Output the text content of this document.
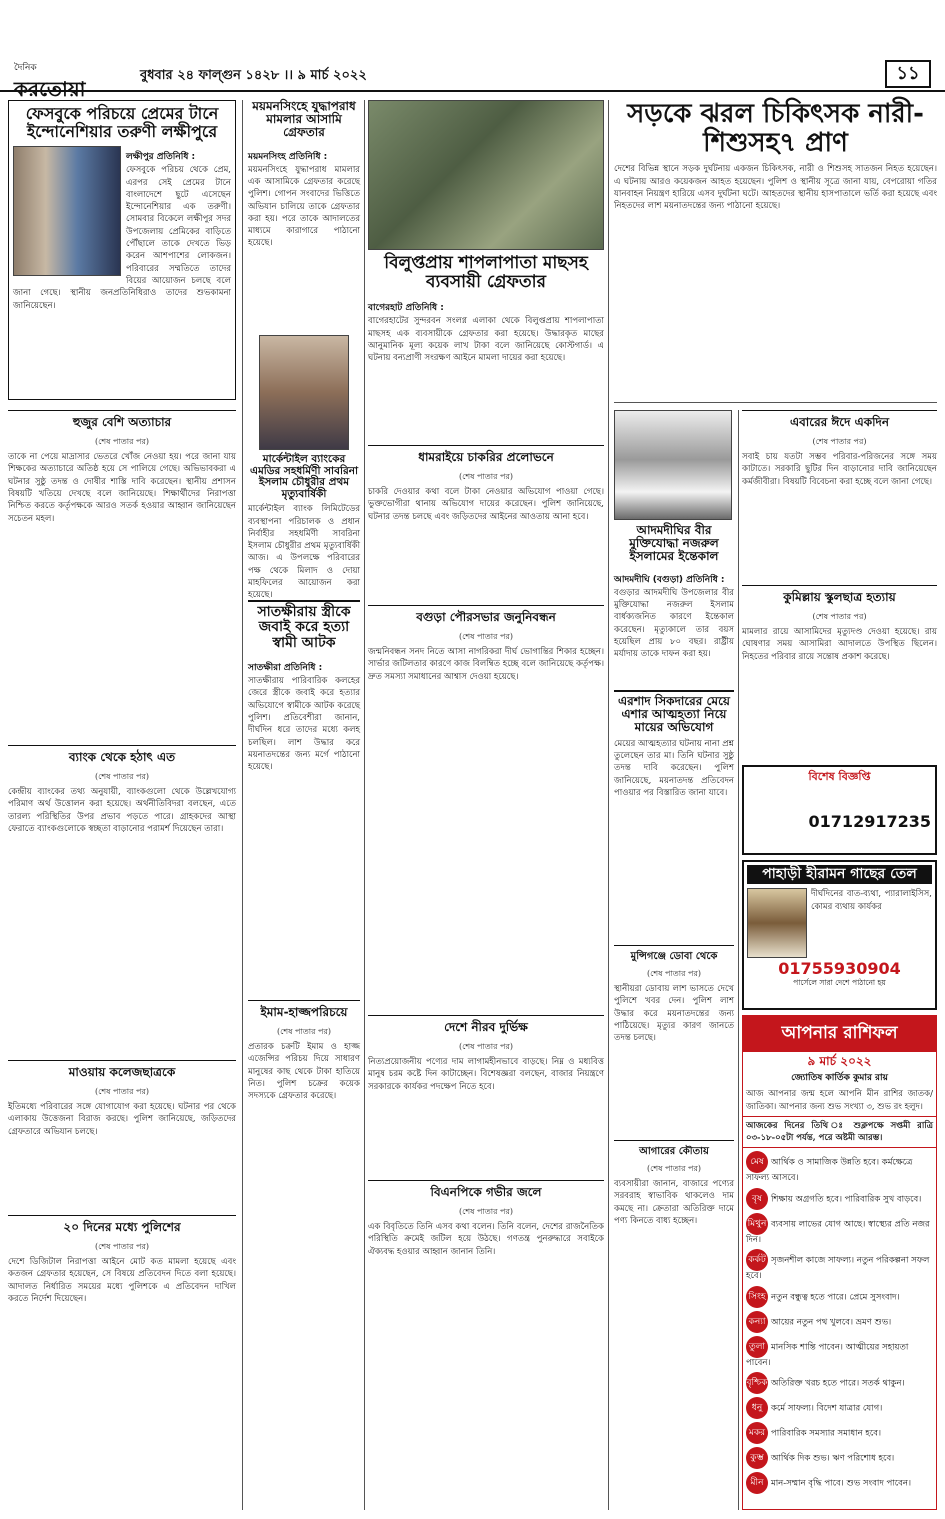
দৈনিক
করতোয়া
বুধবার ২৪ ফাল্গুন ১৪২৮ ।। ৯ মার্চ ২০২২	১১
ফেসবুকে পরিচয়ে প্রেমের টানে ইন্দোনেশিয়ার তরুণী লক্ষীপুরে
লক্ষীপুর প্রতিনিধি :
ফেসবুকে পরিচয় থেকে প্রেম, এরপর সেই প্রেমের টানে বাংলাদেশে ছুটে এসেছেন ইন্দোনেশিয়ার এক তরুণী। সোমবার বিকেলে লক্ষীপুর সদর উপজেলায় প্রেমিকের বাড়িতে পৌঁছালে তাকে দেখতে ভিড় করেন আশপাশের লোকজন। পরিবারের সম্মতিতে তাদের বিয়ের আয়োজন চলছে বলে জানা গেছে। স্থানীয় জনপ্রতিনিধিরাও তাদের শুভকামনা জানিয়েছেন।
হুজুর বেশি অত্যাচার
(শেষ পাতার পর)
তাকে না পেয়ে মাদ্রাসার ভেতরে খোঁজ নেওয়া হয়। পরে জানা যায় শিক্ষকের অত্যাচারে অতিষ্ঠ হয়ে সে পালিয়ে গেছে। অভিভাবকরা এ ঘটনার সুষ্ঠু তদন্ত ও দোষীর শাস্তি দাবি করেছেন। স্থানীয় প্রশাসন বিষয়টি খতিয়ে দেখছে বলে জানিয়েছে। শিক্ষার্থীদের নিরাপত্তা নিশ্চিত করতে কর্তৃপক্ষকে আরও সতর্ক হওয়ার আহ্বান জানিয়েছেন সচেতন মহল।
ব্যাংক থেকে হঠাৎ এত
(শেষ পাতার পর)
কেন্দ্রীয় ব্যাংকের তথ্য অনুযায়ী, ব্যাংকগুলো থেকে উল্লেখযোগ্য পরিমাণ অর্থ উত্তোলন করা হয়েছে। অর্থনীতিবিদরা বলছেন, এতে তারল্য পরিস্থিতির উপর প্রভাব পড়তে পারে। গ্রাহকদের আস্থা ফেরাতে ব্যাংকগুলোকে স্বচ্ছতা বাড়ানোর পরামর্শ দিয়েছেন তারা।
মাওয়ায় কলেজছাত্রকে
(শেষ পাতার পর)
ইতিমধ্যে পরিবারের সঙ্গে যোগাযোগ করা হয়েছে। ঘটনার পর থেকে এলাকায় উত্তেজনা বিরাজ করছে। পুলিশ জানিয়েছে, জড়িতদের গ্রেফতারে অভিযান চলছে।
২০ দিনের মধ্যে পুলিশের
(শেষ পাতার পর)
দেশে ডিজিটাল নিরাপত্তা আইনে মোট কত মামলা হয়েছে এবং কতজন গ্রেফতার হয়েছেন, সে বিষয়ে প্রতিবেদন দিতে বলা হয়েছে। আদালত নির্ধারিত সময়ের মধ্যে পুলিশকে এ প্রতিবেদন দাখিল করতে নির্দেশ দিয়েছেন।
ময়মনসিংহে যুদ্ধাপরাধ মামলার আসামি গ্রেফতার
ময়মনসিংহ প্রতিনিধি :
ময়মনসিংহে যুদ্ধাপরাধ মামলার এক আসামিকে গ্রেফতার করেছে পুলিশ। গোপন সংবাদের ভিত্তিতে অভিযান চালিয়ে তাকে গ্রেফতার করা হয়। পরে তাকে আদালতের মাধ্যমে কারাগারে পাঠানো হয়েছে।
মার্কেন্টাইল ব্যাংকের এমডির সহধর্মিণী সাবরিনা ইসলাম চৌধুরীর প্রথম মৃত্যুবার্ষিকী
মার্কেন্টাইল ব্যাংক লিমিটেডের ব্যবস্থাপনা পরিচালক ও প্রধান নির্বাহীর সহধর্মিণী সাবরিনা ইসলাম চৌধুরীর প্রথম মৃত্যুবার্ষিকী আজ। এ উপলক্ষে পরিবারের পক্ষ থেকে মিলাদ ও দোয়া মাহফিলের আয়োজন করা হয়েছে।
সাতক্ষীরায় স্ত্রীকে জবাই করে হত্যা স্বামী আটক
সাতক্ষীরা প্রতিনিধি :
সাতক্ষীরায় পারিবারিক কলহের জেরে স্ত্রীকে জবাই করে হত্যার অভিযোগে স্বামীকে আটক করেছে পুলিশ। প্রতিবেশীরা জানান, দীর্ঘদিন ধরে তাদের মধ্যে কলহ চলছিল। লাশ উদ্ধার করে ময়নাতদন্তের জন্য মর্গে পাঠানো হয়েছে।
ইমাম-হাজ্জপরিচয়ে
(শেষ পাতার পর)
প্রতারক চক্রটি ইমাম ও হাজ্জ এজেন্সির পরিচয় দিয়ে সাধারণ মানুষের কাছ থেকে টাকা হাতিয়ে নিত। পুলিশ চক্রের কয়েক সদস্যকে গ্রেফতার করেছে।
বিলুপ্তপ্রায় শাপলাপাতা মাছসহ ব্যবসায়ী গ্রেফতার
বাগেরহাট প্রতিনিধি :
বাগেরহাটের সুন্দরবন সংলগ্ন এলাকা থেকে বিলুপ্তপ্রায় শাপলাপাতা মাছসহ এক ব্যবসায়ীকে গ্রেফতার করা হয়েছে। উদ্ধারকৃত মাছের আনুমানিক মূল্য কয়েক লাখ টাকা বলে জানিয়েছে কোস্টগার্ড। এ ঘটনায় বন্যপ্রাণী সংরক্ষণ আইনে মামলা দায়ের করা হয়েছে।
ধামরাইয়ে চাকরির প্রলোভনে
(শেষ পাতার পর)
চাকরি দেওয়ার কথা বলে টাকা নেওয়ার অভিযোগ পাওয়া গেছে। ভুক্তভোগীরা থানায় অভিযোগ দায়ের করেছেন। পুলিশ জানিয়েছে, ঘটনার তদন্ত চলছে এবং জড়িতদের আইনের আওতায় আনা হবে।
বগুড়া পৌরসভার জনুনিবন্ধন
(শেষ পাতার পর)
জন্মনিবন্ধন সনদ নিতে আসা নাগরিকরা দীর্ঘ ভোগান্তির শিকার হচ্ছেন। সার্ভার জটিলতার কারণে কাজ বিলম্বিত হচ্ছে বলে জানিয়েছে কর্তৃপক্ষ। দ্রুত সমস্যা সমাধানের আশ্বাস দেওয়া হয়েছে।
দেশে নীরব দুর্ভিক্ষ
(শেষ পাতার পর)
নিত্যপ্রয়োজনীয় পণ্যের দাম লাগামহীনভাবে বাড়ছে। নিম্ন ও মধ্যবিত্ত মানুষ চরম কষ্টে দিন কাটাচ্ছেন। বিশেষজ্ঞরা বলছেন, বাজার নিয়ন্ত্রণে সরকারকে কার্যকর পদক্ষেপ নিতে হবে।
বিএনপিকে গভীর জলে
(শেষ পাতার পর)
এক বিবৃতিতে তিনি এসব কথা বলেন। তিনি বলেন, দেশের রাজনৈতিক পরিস্থিতি ক্রমেই জটিল হয়ে উঠছে। গণতন্ত্র পুনরুদ্ধারে সবাইকে ঐক্যবদ্ধ হওয়ার আহ্বান জানান তিনি।
সড়কে ঝরল চিকিৎসক নারী-শিশুসহ৭ প্রাণ
দেশের বিভিন্ন স্থানে সড়ক দুর্ঘটনায় একজন চিকিৎসক, নারী ও শিশুসহ সাতজন নিহত হয়েছেন। এ ঘটনায় আরও কয়েকজন আহত হয়েছেন। পুলিশ ও স্থানীয় সূত্রে জানা যায়, বেপরোয়া গতির যানবাহন নিয়ন্ত্রণ হারিয়ে এসব দুর্ঘটনা ঘটে। আহতদের স্থানীয় হাসপাতালে ভর্তি করা হয়েছে এবং নিহতদের লাশ ময়নাতদন্তের জন্য পাঠানো হয়েছে।
আদমদীঘির বীর মুক্তিযোদ্ধা নজরুল ইসলামের ইন্তেকাল
আদমদীঘি (বগুড়া) প্রতিনিধি :
বগুড়ার আদমদীঘি উপজেলার বীর মুক্তিযোদ্ধা নজরুল ইসলাম বার্ধক্যজনিত কারণে ইন্তেকাল করেছেন। মৃত্যুকালে তার বয়স হয়েছিল প্রায় ৮০ বছর। রাষ্ট্রীয় মর্যাদায় তাকে দাফন করা হয়।
এরশাদ সিকদারের মেয়ে এশার আত্মহত্যা নিয়ে মায়ের অভিযোগ
মেয়ের আত্মহত্যার ঘটনায় নানা প্রশ্ন তুলেছেন তার মা। তিনি ঘটনার সুষ্ঠু তদন্ত দাবি করেছেন। পুলিশ জানিয়েছে, ময়নাতদন্ত প্রতিবেদন পাওয়ার পর বিস্তারিত জানা যাবে।
মুন্সিগঞ্জে ডোবা থেকে
(শেষ পাতার পর)
স্থানীয়রা ডোবায় লাশ ভাসতে দেখে পুলিশে খবর দেন। পুলিশ লাশ উদ্ধার করে ময়নাতদন্তের জন্য পাঠিয়েছে। মৃত্যুর কারণ জানতে তদন্ত চলছে।
আগারের কৌতায়
(শেষ পাতার পর)
ব্যবসায়ীরা জানান, বাজারে পণ্যের সরবরাহ স্বাভাবিক থাকলেও দাম কমছে না। ক্রেতারা অতিরিক্ত দামে পণ্য কিনতে বাধ্য হচ্ছেন।
এবারের ঈদে একদিন
(শেষ পাতার পর)
সবাই চায় যতটা সম্ভব পরিবার-পরিজনের সঙ্গে সময় কাটাতে। সরকারি ছুটির দিন বাড়ানোর দাবি জানিয়েছেন কর্মজীবীরা। বিষয়টি বিবেচনা করা হচ্ছে বলে জানা গেছে।
কুমিল্লায় স্কুলছাত্র হত্যায়
(শেষ পাতার পর)
মামলার রায়ে আসামিদের মৃত্যুদণ্ড দেওয়া হয়েছে। রায় ঘোষণার সময় আসামিরা আদালতে উপস্থিত ছিলেন। নিহতের পরিবার রায়ে সন্তোষ প্রকাশ করেছে।
বিশেষ বিজ্ঞপ্তি
01712917235
পাহাড়ী হীরামন গাছের তেল
দীর্ঘদিনের বাত-ব্যথা, প্যারালাইসিস, কোমর ব্যথায় কার্যকর
01755930904
পার্সেলে সারা দেশে পাঠানো হয়
আপনার রাশিফল
৯ মার্চ ২০২২
জ্যোতিষ কার্তিক কুমার রায়
আজ আপনার জন্ম হলে আপনি মীন রাশির জাতক/জাতিকা। আপনার জন্য শুভ সংখ্যা ৩, শুভ রং হলুদ।
আজকের দিনের তিথি ঃ শুক্লপক্ষে সপ্তমী রাত্রি ০৩-১৮-০৫টা পর্যন্ত, পরে অষ্টমী আরম্ভ।
মেষ আর্থিক ও সামাজিক উন্নতি হবে। কর্মক্ষেত্রে সাফল্য আসবে।
বৃষ শিক্ষায় অগ্রগতি হবে। পারিবারিক সুখ বাড়বে।
মিথুন ব্যবসায় লাভের যোগ আছে। স্বাস্থ্যের প্রতি নজর দিন।
কর্কট সৃজনশীল কাজে সাফল্য। নতুন পরিকল্পনা সফল হবে।
সিংহ নতুন বন্ধুত্ব হতে পারে। প্রেমে সুসংবাদ।
কন্যা আয়ের নতুন পথ খুলবে। ভ্রমণ শুভ।
তুলা মানসিক শান্তি পাবেন। আত্মীয়ের সহায়তা পাবেন।
বৃশ্চিক অতিরিক্ত খরচ হতে পারে। সতর্ক থাকুন।
ধনু কর্মে সাফল্য। বিদেশ যাত্রার যোগ।
মকর পারিবারিক সমস্যার সমাধান হবে।
কুম্ভ আর্থিক দিক শুভ। ঋণ পরিশোধ হবে।
মীন মান-সম্মান বৃদ্ধি পাবে। শুভ সংবাদ পাবেন।
